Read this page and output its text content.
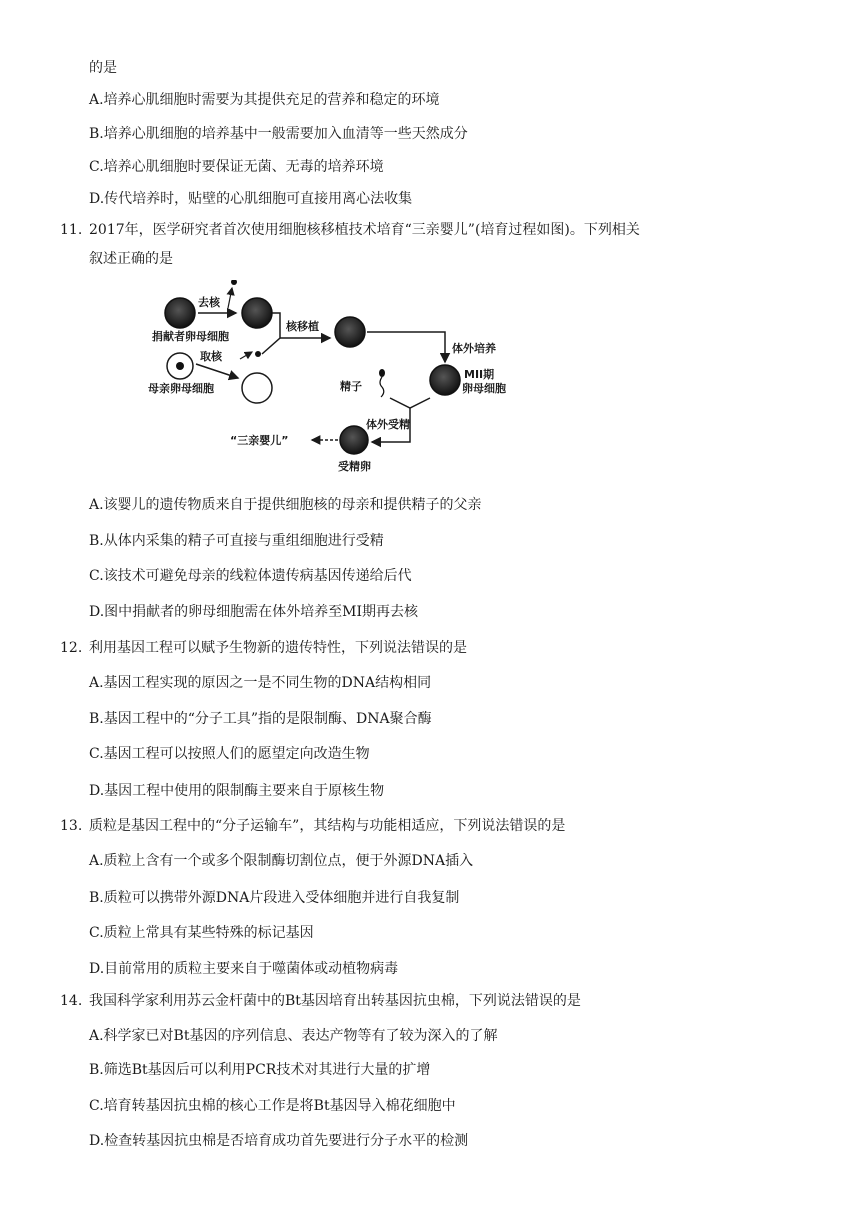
的是
A.培养心肌细胞时需要为其提供充足的营养和稳定的环境
B.培养心肌细胞的培养基中一般需要加入血清等一些天然成分
C.培养心肌细胞时要保证无菌、无毒的培养环境
D.传代培养时，贴壁的心肌细胞可直接用离心法收集
11. 2017年，医学研究者首次使用细胞核移植技术培育“三亲婴儿”(培育过程如图)。下列相关
叙述正确的是
去核
捐献者卵母细胞
取核
母亲卵母细胞
核移植
体外培养
MII期
卵母细胞
精子
体外受精
受精卵
“三亲婴儿”
A.该婴儿的遗传物质来自于提供细胞核的母亲和提供精子的父亲
B.从体内采集的精子可直接与重组细胞进行受精
C.该技术可避免母亲的线粒体遗传病基因传递给后代
D.图中捐献者的卵母细胞需在体外培养至MⅠ期再去核
12. 利用基因工程可以赋予生物新的遗传特性，下列说法错误的是
A.基因工程实现的原因之一是不同生物的DNA结构相同
B.基因工程中的“分子工具”指的是限制酶、DNA聚合酶
C.基因工程可以按照人们的愿望定向改造生物
D.基因工程中使用的限制酶主要来自于原核生物
13. 质粒是基因工程中的“分子运输车”，其结构与功能相适应，下列说法错误的是
A.质粒上含有一个或多个限制酶切割位点，便于外源DNA插入
B.质粒可以携带外源DNA片段进入受体细胞并进行自我复制
C.质粒上常具有某些特殊的标记基因
D.目前常用的质粒主要来自于噬菌体或动植物病毒
14. 我国科学家利用苏云金杆菌中的Bt基因培育出转基因抗虫棉，下列说法错误的是
A.科学家已对Bt基因的序列信息、表达产物等有了较为深入的了解
B.筛选Bt基因后可以利用PCR技术对其进行大量的扩增
C.培育转基因抗虫棉的核心工作是将Bt基因导入棉花细胞中
D.检查转基因抗虫棉是否培育成功首先要进行分子水平的检测
